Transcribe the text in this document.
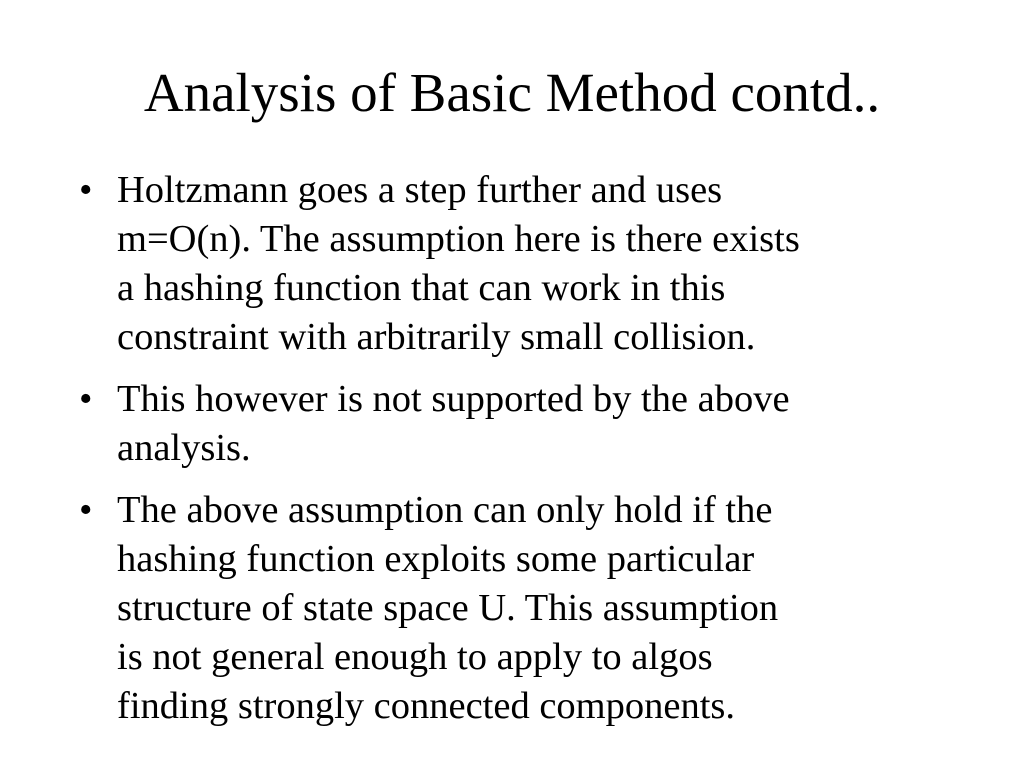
Analysis of Basic Method contd..
• Holtzmann goes a step further and uses
m=O(n). The assumption here is there exists
a hashing function that can work in this
constraint with arbitrarily small collision.
• This however is not supported by the above
analysis.
• The above assumption can only hold if the
hashing function exploits some particular
structure of state space U. This assumption
is not general enough to apply to algos
finding strongly connected components.
